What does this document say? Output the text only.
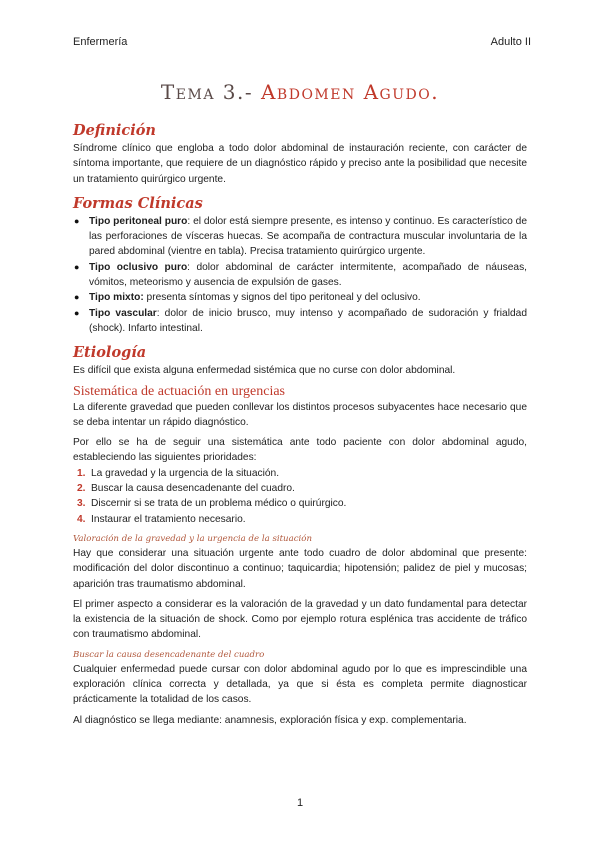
Enfermería	Adulto II
Tema 3.- Abdomen Agudo.
Definición

Síndrome clínico que engloba a todo dolor abdominal de instauración reciente, con carácter de síntoma importante, que requiere de un diagnóstico rápido y preciso ante la posibilidad que necesite un tratamiento quirúrgico urgente.

Formas Clínicas
● Tipo peritoneal puro: el dolor está siempre presente, es intenso y continuo. Es característico de las perforaciones de vísceras huecas. Se acompaña de contractura muscular involuntaria de la pared abdominal (vientre en tabla). Precisa tratamiento quirúrgico urgente.
● Tipo oclusivo puro: dolor abdominal de carácter intermitente, acompañado de náuseas, vómitos, meteorismo y ausencia de expulsión de gases.
● Tipo mixto: presenta síntomas y signos del tipo peritoneal y del oclusivo.
● Tipo vascular: dolor de inicio brusco, muy intenso y acompañado de sudoración y frialdad (shock). Infarto intestinal.
Etiología

Es difícil que exista alguna enfermedad sistémica que no curse con dolor abdominal.

Sistemática de actuación en urgencias

La diferente gravedad que pueden conllevar los distintos procesos subyacentes hace necesario que se deba intentar un rápido diagnóstico.

Por ello se ha de seguir una sistemática ante todo paciente con dolor abdominal agudo, estableciendo las siguientes prioridades:

1. La gravedad y la urgencia de la situación.
2. Buscar la causa desencadenante del cuadro.
3. Discernir si se trata de un problema médico o quirúrgico.
4. Instaurar el tratamiento necesario.
Valoración de la gravedad y la urgencia de la situación

Hay que considerar una situación urgente ante todo cuadro de dolor abdominal que presente: modificación del dolor discontinuo a continuo; taquicardia; hipotensión; palidez de piel y mucosas; aparición tras traumatismo abdominal.

El primer aspecto a considerar es la valoración de la gravedad y un dato fundamental para detectar la existencia de la situación de shock. Como por ejemplo rotura esplénica tras accidente de tráfico con traumatismo abdominal.

Buscar la causa desencadenante del cuadro

Cualquier enfermedad puede cursar con dolor abdominal agudo por lo que es imprescindible una exploración clínica correcta y detallada, ya que si ésta es completa permite diagnosticar prácticamente la totalidad de los casos.

Al diagnóstico se llega mediante: anamnesis, exploración física y exp. complementaria.

1
